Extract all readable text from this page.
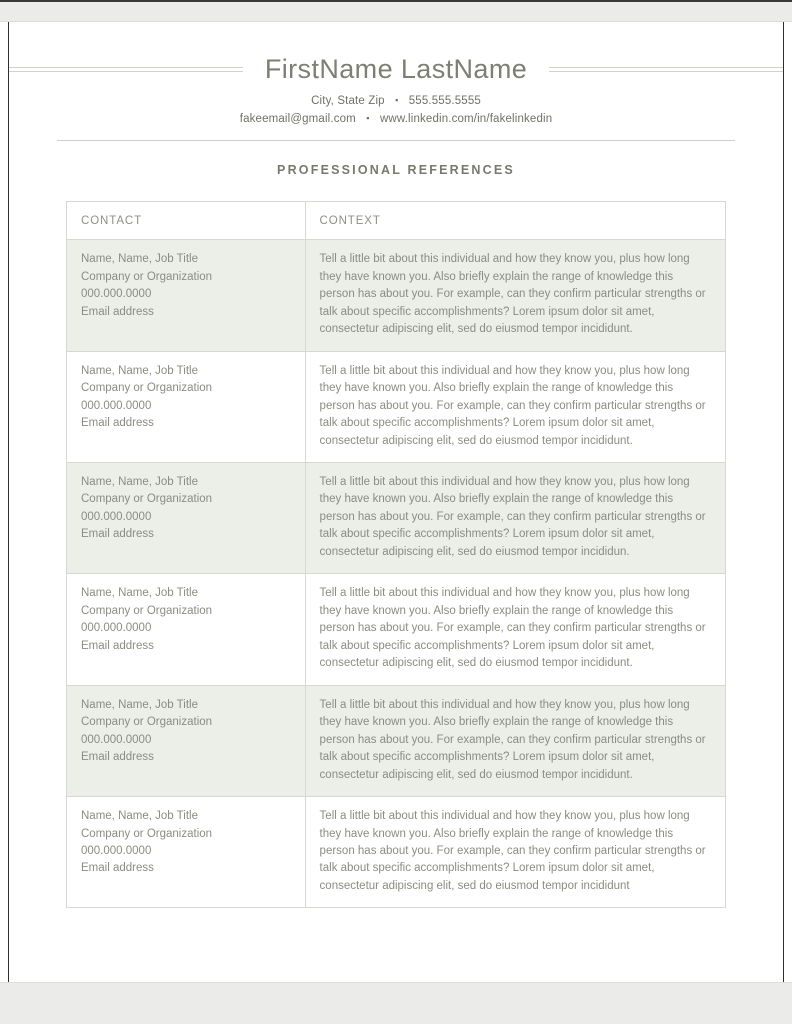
FirstName LastName
City, State Zip ▪ 555.555.5555
fakeemail@gmail.com ▪ www.linkedin.com/in/fakelinkedin
PROFESSIONAL REFERENCES
CONTACT	CONTEXT

Name, Name, Job Title
Company or Organization
000.000.0000
Email address
	Tell a little bit about this individual and how they know you, plus how long they have known you. Also briefly explain the range of knowledge this person has about you. For example, can they confirm particular strengths or talk about specific accomplishments? Lorem ipsum dolor sit amet, consectetur adipiscing elit, sed do eiusmod tempor incididunt.

Name, Name, Job Title
Company or Organization
000.000.0000
Email address
	Tell a little bit about this individual and how they know you, plus how long they have known you. Also briefly explain the range of knowledge this person has about you. For example, can they confirm particular strengths or talk about specific accomplishments? Lorem ipsum dolor sit amet, consectetur adipiscing elit, sed do eiusmod tempor incididunt.

Name, Name, Job Title
Company or Organization
000.000.0000
Email address
	Tell a little bit about this individual and how they know you, plus how long they have known you. Also briefly explain the range of knowledge this person has about you. For example, can they confirm particular strengths or talk about specific accomplishments? Lorem ipsum dolor sit amet, consectetur adipiscing elit, sed do eiusmod tempor incididun.

Name, Name, Job Title
Company or Organization
000.000.0000
Email address
	Tell a little bit about this individual and how they know you, plus how long they have known you. Also briefly explain the range of knowledge this person has about you. For example, can they confirm particular strengths or talk about specific accomplishments? Lorem ipsum dolor sit amet, consectetur adipiscing elit, sed do eiusmod tempor incididunt.

Name, Name, Job Title
Company or Organization
000.000.0000
Email address
	Tell a little bit about this individual and how they know you, plus how long they have known you. Also briefly explain the range of knowledge this person has about you. For example, can they confirm particular strengths or talk about specific accomplishments? Lorem ipsum dolor sit amet, consectetur adipiscing elit, sed do eiusmod tempor incididunt.

Name, Name, Job Title
Company or Organization
000.000.0000
Email address
	Tell a little bit about this individual and how they know you, plus how long they have known you. Also briefly explain the range of knowledge this person has about you. For example, can they confirm particular strengths or talk about specific accomplishments? Lorem ipsum dolor sit amet, consectetur adipiscing elit, sed do eiusmod tempor incididunt
